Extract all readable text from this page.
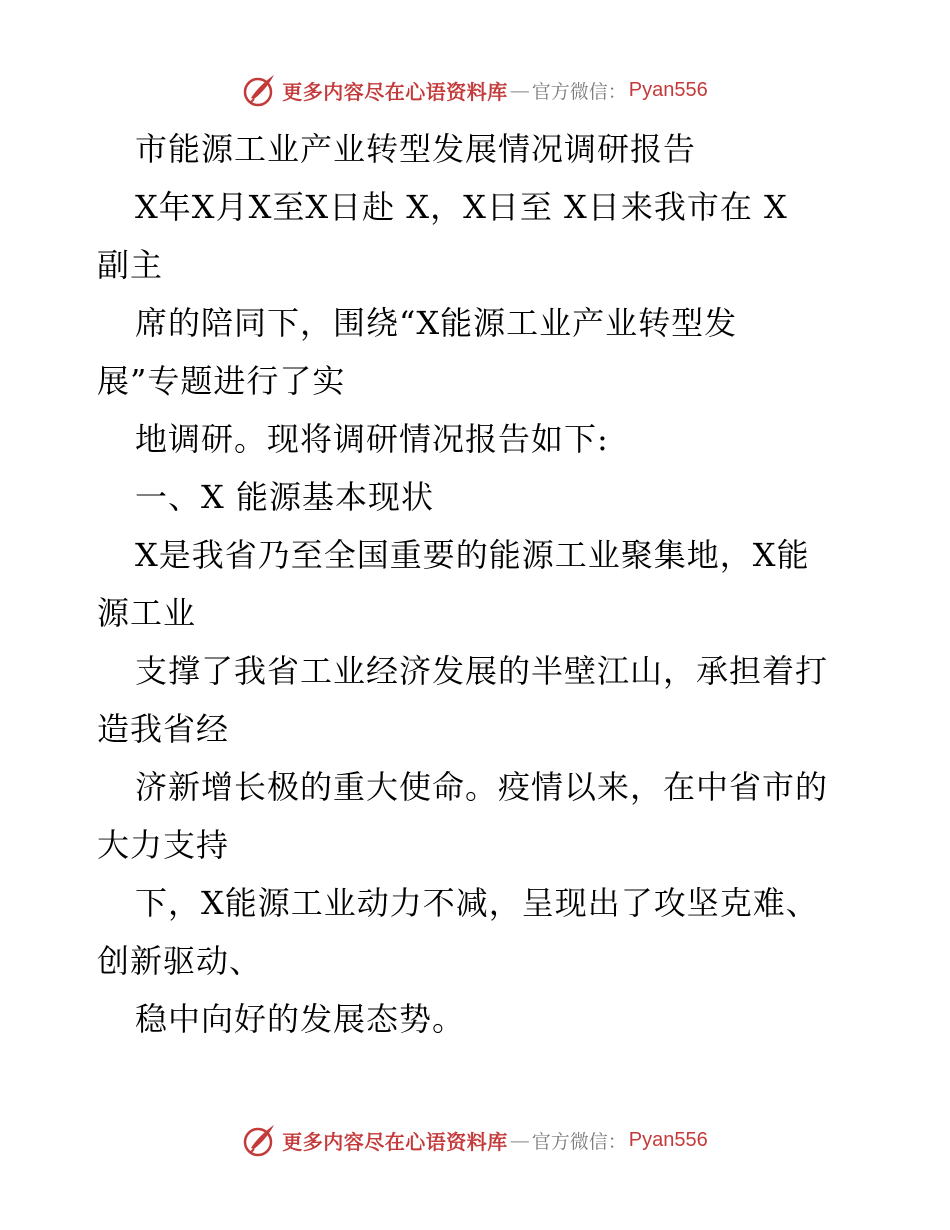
更多内容尽在心语资料库 — 官方微信： Pyan556
市能源工业产业转型发展情况调研报告
X年X月X至X日赴 X，X日至 X日来我市在 X
副主
席的陪同下，围绕“X能源工业产业转型发
展”专题进行了实
地调研。现将调研情况报告如下:
一、X 能源基本现状
X是我省乃至全国重要的能源工业聚集地，X能
源工业
支撑了我省工业经济发展的半壁江山，承担着打
造我省经
济新增长极的重大使命。疫情以来，在中省市的
大力支持
下，X能源工业动力不减，呈现出了攻坚克难、
创新驱动、
稳中向好的发展态势。
更多内容尽在心语资料库 — 官方微信： Pyan556
